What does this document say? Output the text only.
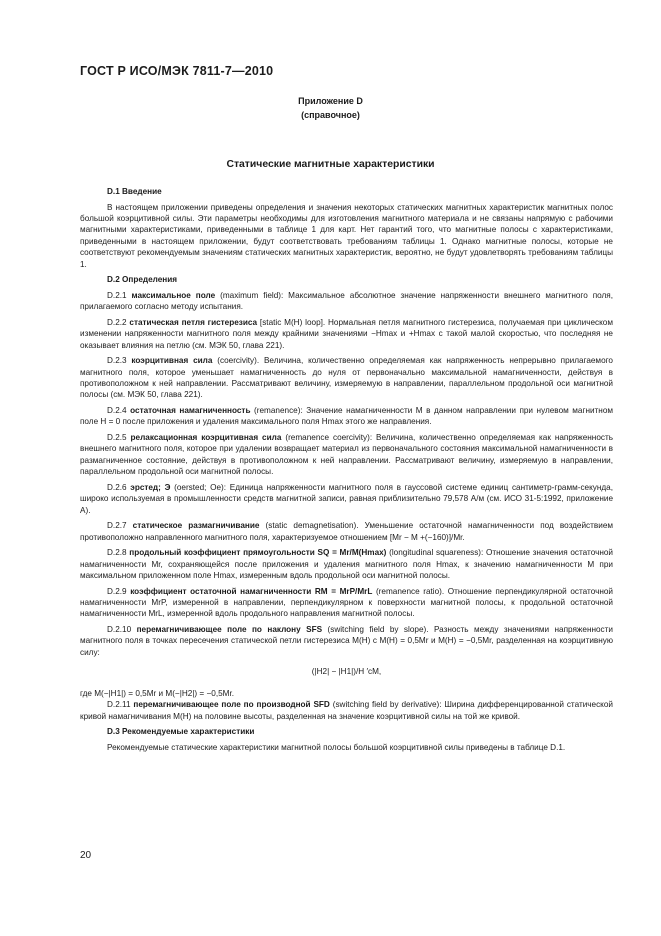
ГОСТ Р ИСО/МЭК 7811-7—2010
Приложение D
(справочное)
Статические магнитные характеристики

D.1 Введение

В настоящем приложении приведены определения и значения некоторых статических магнитных характеристик магнитных полос большой коэрцитивной силы. Эти параметры необходимы для изготовления магнитного материала и не связаны напрямую с рабочими магнитными характеристиками, приведенными в таблице 1 для карт. Нет гарантий того, что магнитные полосы с характеристиками, приведенными в настоящем приложении, будут соответствовать требованиям таблицы 1. Однако магнитные полосы, которые не соответствуют рекомендуемым значениям статических магнитных характеристик, вероятно, не будут удовлетворять требованиям таблицы 1.

D.2 Определения

D.2.1 максимальное поле (maximum field): Максимальное абсолютное значение напряженности внешнего магнитного поля, прилагаемого согласно методу испытания.

D.2.2 статическая петля гистерезиса [static M(H) loop]. Нормальная петля магнитного гистерезиса, получаемая при циклическом изменении напряженности магнитного поля между крайними значениями −Hmax и +Hmax с такой малой скоростью, что последняя не оказывает влияния на петлю (см. МЭК 50, глава 221).

D.2.3 коэрцитивная сила (coercivity). Величина, количественно определяемая как напряженность непрерывно прилагаемого магнитного поля, которое уменьшает намагниченность до нуля от первоначально максимальной намагниченности, действуя в противоположном к ней направлении. Рассматривают величину, измеряемую в направлении, параллельном продольной оси магнитной полосы (см. МЭК 50, глава 221).

D.2.4 остаточная намагниченность (remanence): Значение намагниченности M в данном направлении при нулевом магнитном поле H = 0 после приложения и удаления максимального поля Hmax этого же направления.

D.2.5 релаксационная коэрцитивная сила (remanence coercivity): Величина, количественно определяемая как напряженность внешнего магнитного поля, которое при удалении возвращает материал из первоначального состояния максимальной намагниченности в размагниченное состояние, действуя в противоположном к ней направлении. Рассматривают величину, измеряемую в направлении, параллельном продольной оси магнитной полосы.

D.2.6 эрстед; Э (oersted; Oe): Единица напряженности магнитного поля в гауссовой системе единиц сантиметр-грамм-секунда, широко используемая в промышленности средств магнитной записи, равная приблизительно 79,578 А/м (см. ИСО 31-5:1992, приложение А).

D.2.7 статическое размагничивание (static demagnetisation). Уменьшение остаточной намагниченности под воздействием противоположно направленного магнитного поля, характеризуемое отношением [Mr − M +(−160)]/Mr.

D.2.8 продольный коэффициент прямоугольности SQ = Mr/M(Hmax) (longitudinal squareness): Отношение значения остаточной намагниченности Mr, сохраняющейся после приложения и удаления магнитного поля Hmax, к значению намагниченности M при максимальном приложенном поле Hmax, измеренным вдоль продольной оси магнитной полосы.

D.2.9 коэффициент остаточной намагниченности RM = MrP/MrL (remanence ratio). Отношение перпендикулярной остаточной намагниченности MrP, измеренной в направлении, перпендикулярном к поверхности магнитной полосы, к продольной остаточной намагниченности MrL, измеренной вдоль продольного направления магнитной полосы.

D.2.10 перемагничивающее поле по наклону SFS (switching field by slope). Разность между значениями напряженности магнитного поля в точках пересечения статической петли гистерезиса M(H) с M(H) = 0,5Mr и M(H) = −0,5Mr, разделенная на коэрцитивную силу:

(|H2| − |H1|)/H ′cM,

где M(−|H1|) = 0,5Mr и M(−|H2|) = −0,5Mr.

D.2.11 перемагничивающее поле по производной SFD (switching field by derivative): Ширина дифференцированной статической кривой намагничивания M(H) на половине высоты, разделенная на значение коэрцитивной силы на той же кривой.

D.3 Рекомендуемые характеристики

Рекомендуемые статические характеристики магнитной полосы большой коэрцитивной силы приведены в таблице D.1.

20
